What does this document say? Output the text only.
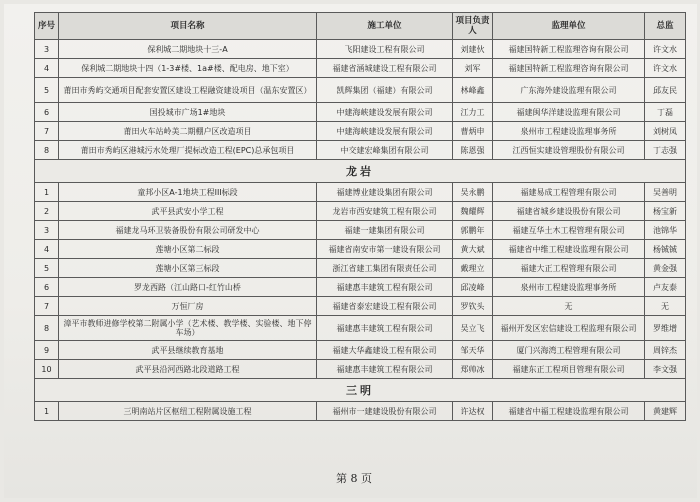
序号	项目名称	施工单位	项目负责人	监理单位	总监
3	保利城二期地块十三-A	飞阳建设工程有限公司	刘建伙	福建国特新工程监理咨询有限公司	许文水
4	保利城二期地块十四（1-3#楼、1a#楼、配电房、地下室）	福建省涵城建设工程有限公司	刘军	福建国特新工程监理咨询有限公司	许文水
5	莆田市秀屿交通项目配套安置区建设工程融资建设项目（温东安置区）	凯辉集团（福建）有限公司	林峰鑫	广东海外建设监理有限公司	邱友民
6	国投城市广场1#地块	中建海峡建设发展有限公司	江力工	福建闽华洋建设监理有限公司	丁磊
7	莆田火车站岭美二期棚户区改造项目	中建海峡建设发展有限公司	曹炳申	泉州市工程建设监理事务所	刘树凤
8	莆田市秀屿区港城污水处理厂提标改造工程(EPC)总承包项目	中交建宏峰集团有限公司	陈恩强	江西恒实建设管理股份有限公司	丁志强
龙岩					
1	童邦小区A-1地块工程III标段	福建博业建设集团有限公司	吴永鹏	福建易成工程管理有限公司	吴善明
2	武平县武安小学工程	龙岩市西安建筑工程有限公司	魏耀辉	福建省城乡建设股份有限公司	杨宝新
3	福建龙马环卫装备股份有限公司研发中心	福建一建集团有限公司	郭鹏年	福建互华土木工程管理有限公司	池锦华
4	莲塘小区第二标段	福建省南安市第一建设有限公司	黄大斌	福建省中维工程建设监理有限公司	杨铖铖
5	莲塘小区第三标段	浙江省建工集团有限责任公司	戴理立	福建大正工程管理有限公司	黄金强
6	罗龙西路（江山路口-红竹山桥	福建惠丰建筑工程有限公司	邱凌峰	泉州市工程建设监理事务所	卢友泰
7	万恒厂房	福建省泰宏建设工程有限公司	罗钦头	无	无
8	漳平市教师进修学校第二附属小学（艺术楼、教学楼、实验楼、地下停车场）	福建惠丰建筑工程有限公司	吴立飞	福州开发区宏信建设工程监理有限公司	罗维增
9	武平县继续教育基地	福建大华鑫建设工程有限公司	邹天华	厦门兴海湾工程管理有限公司	周锌杰
10	武平县沿河西路北段道路工程	福建惠丰建筑工程有限公司	郑帅冰	福建东正工程项目管理有限公司	李文强
三明					
1	三明南站片区枢纽工程附属设施工程	福州市一建建设股份有限公司	许达权	福建省中福工程建设监理有限公司	黄建辉
第 8 页
